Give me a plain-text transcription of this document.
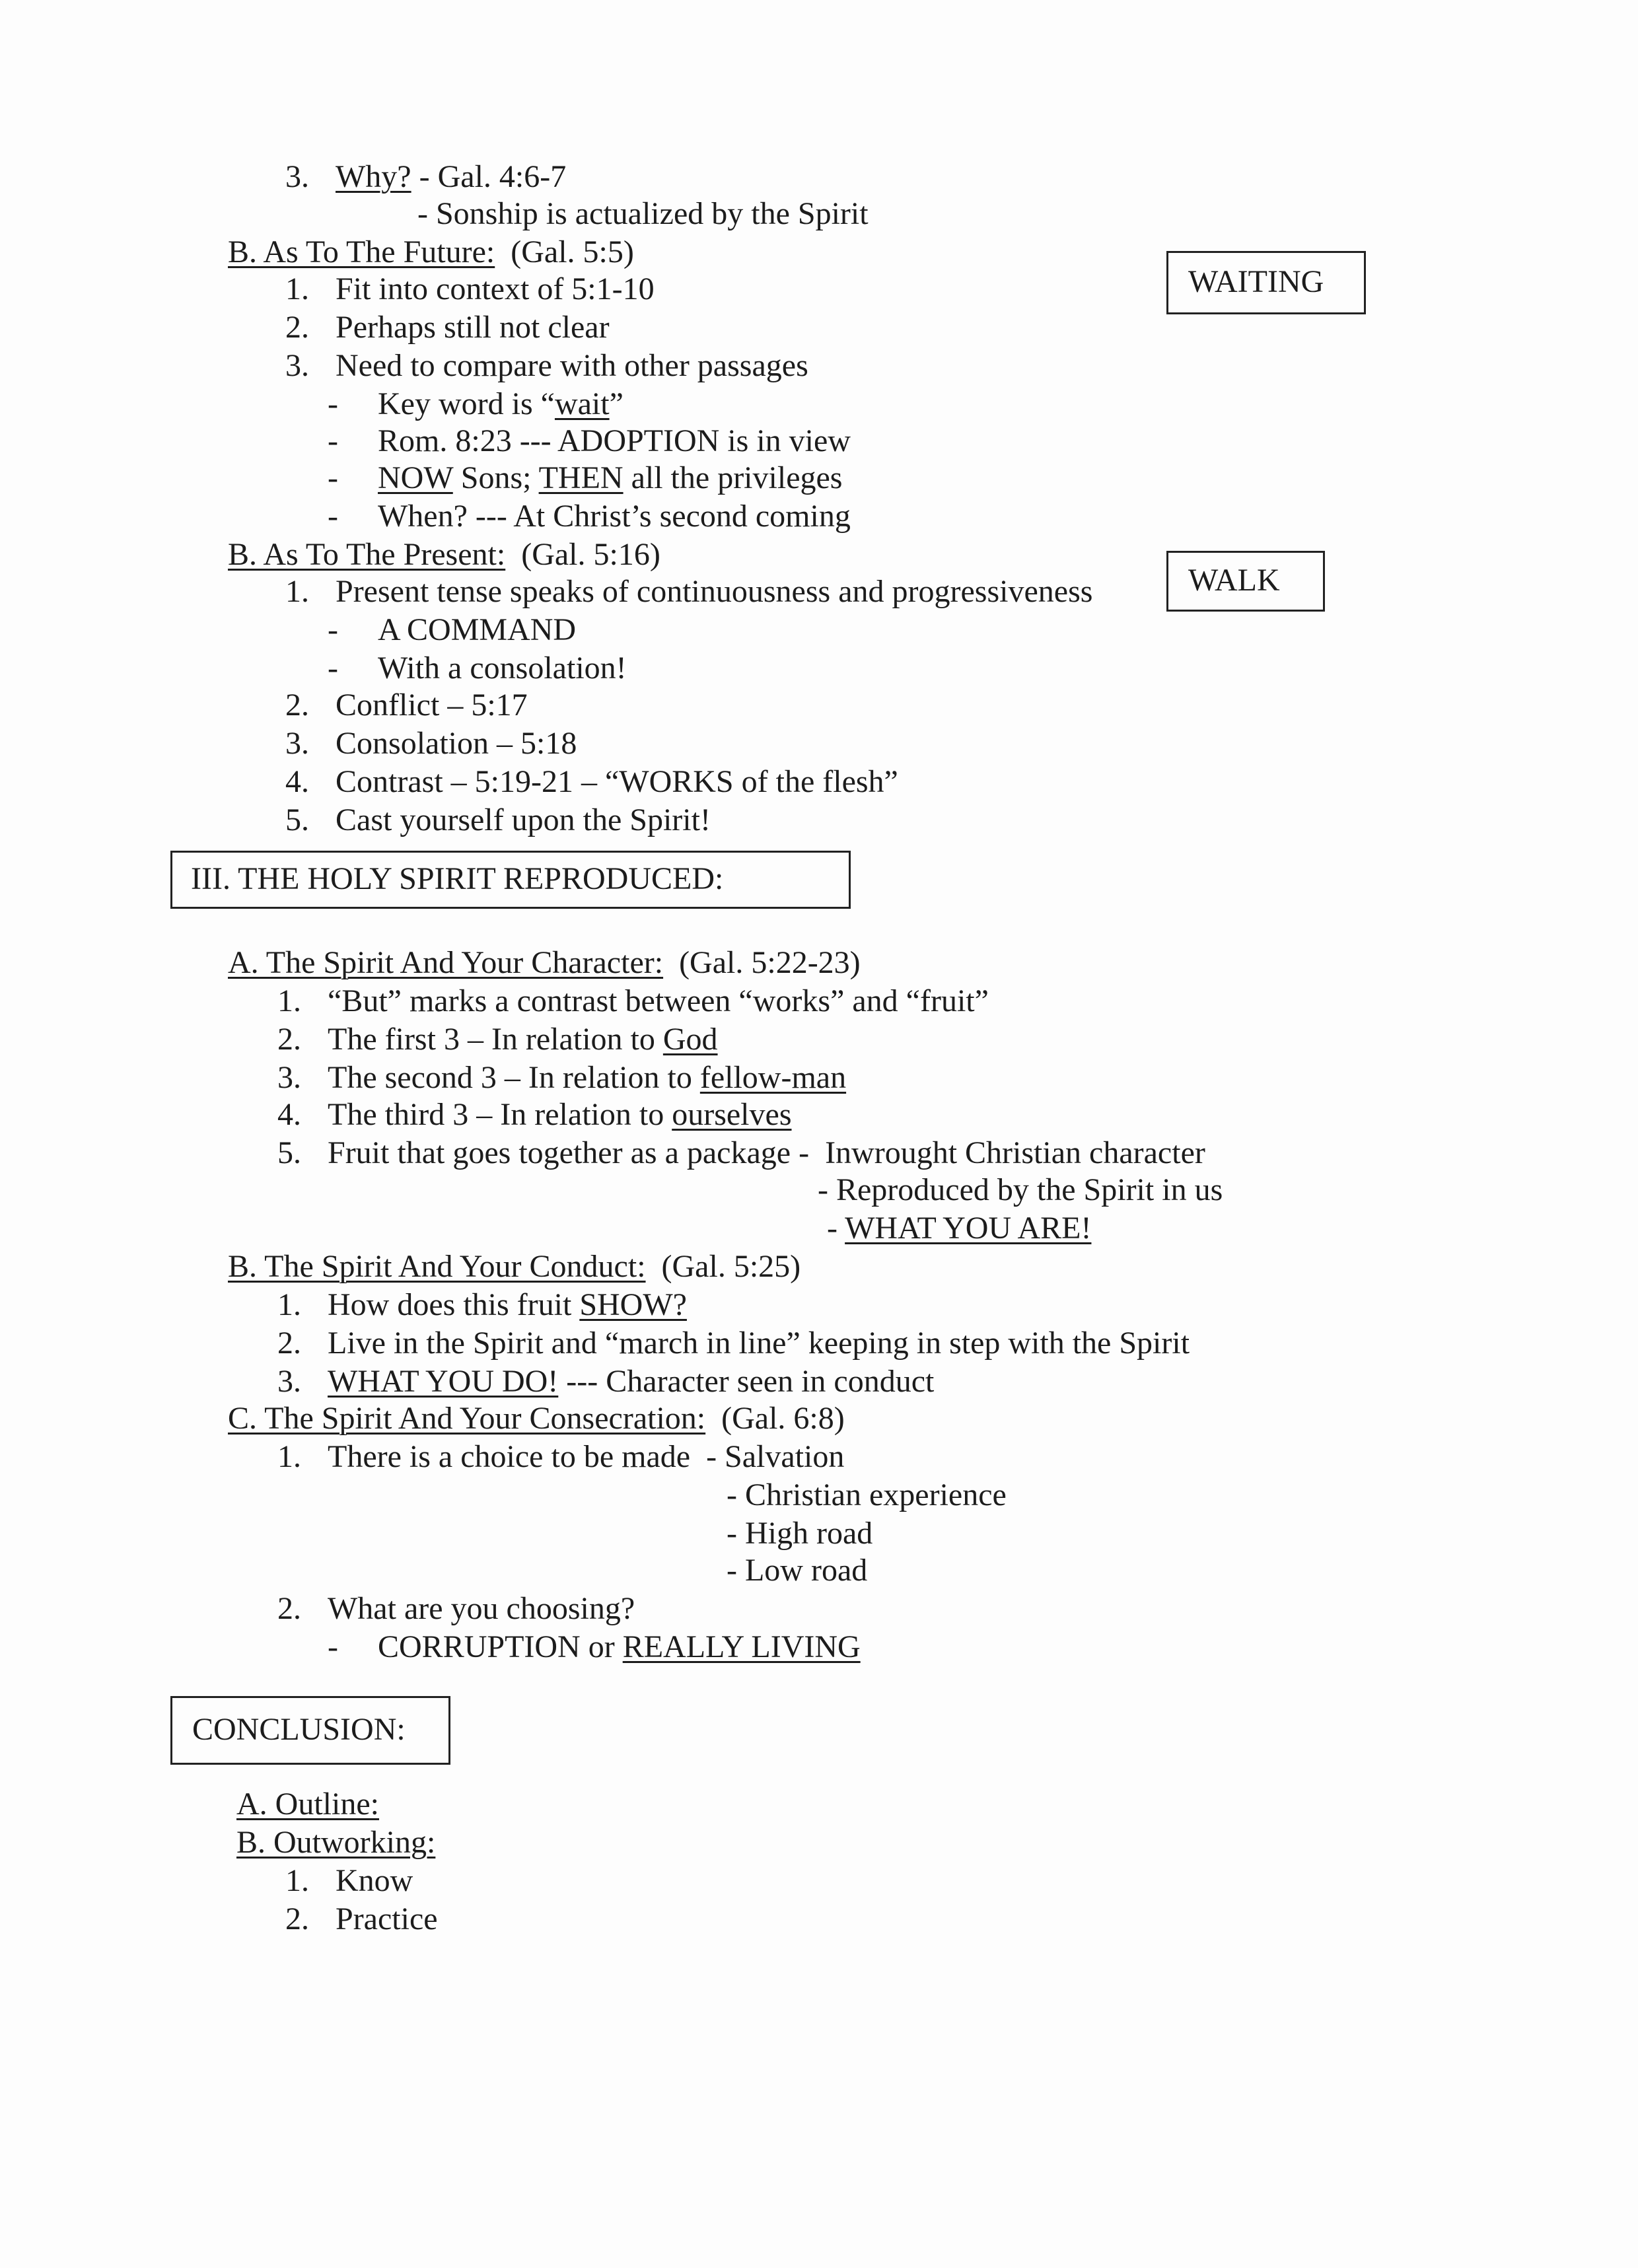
3. Why? - Gal. 4:6-7
- Sonship is actualized by the Spirit
B. As To The Future: (Gal. 5:5)
1. Fit into context of 5:1-10
2. Perhaps still not clear
3. Need to compare with other passages
- Key word is “wait”
- Rom. 8:23 --- ADOPTION is in view
- NOW Sons; THEN all the privileges
- When? --- At Christ’s second coming
B. As To The Present: (Gal. 5:16)
1. Present tense speaks of continuousness and progressiveness
- A COMMAND
- With a consolation!
2. Conflict – 5:17
3. Consolation – 5:18
4. Contrast – 5:19-21 – “WORKS of the flesh”
5. Cast yourself upon the Spirit!
WAITING
WALK
III. THE HOLY SPIRIT REPRODUCED:
A. The Spirit And Your Character: (Gal. 5:22-23)
1. “But” marks a contrast between “works” and “fruit”
2. The first 3 – In relation to God
3. The second 3 – In relation to fellow-man
4. The third 3 – In relation to ourselves
5. Fruit that goes together as a package -  Inwrought Christian character
- Reproduced by the Spirit in us
- WHAT YOU ARE!
B. The Spirit And Your Conduct: (Gal. 5:25)
1. How does this fruit SHOW?
2. Live in the Spirit and “march in line” keeping in step with the Spirit
3. WHAT YOU DO! --- Character seen in conduct
C. The Spirit And Your Consecration: (Gal. 6:8)
1. There is a choice to be made  - Salvation
- Christian experience
- High road
- Low road
2. What are you choosing?
- CORRUPTION or REALLY LIVING
CONCLUSION:
A. Outline:
B. Outworking:
1. Know
2. Practice
